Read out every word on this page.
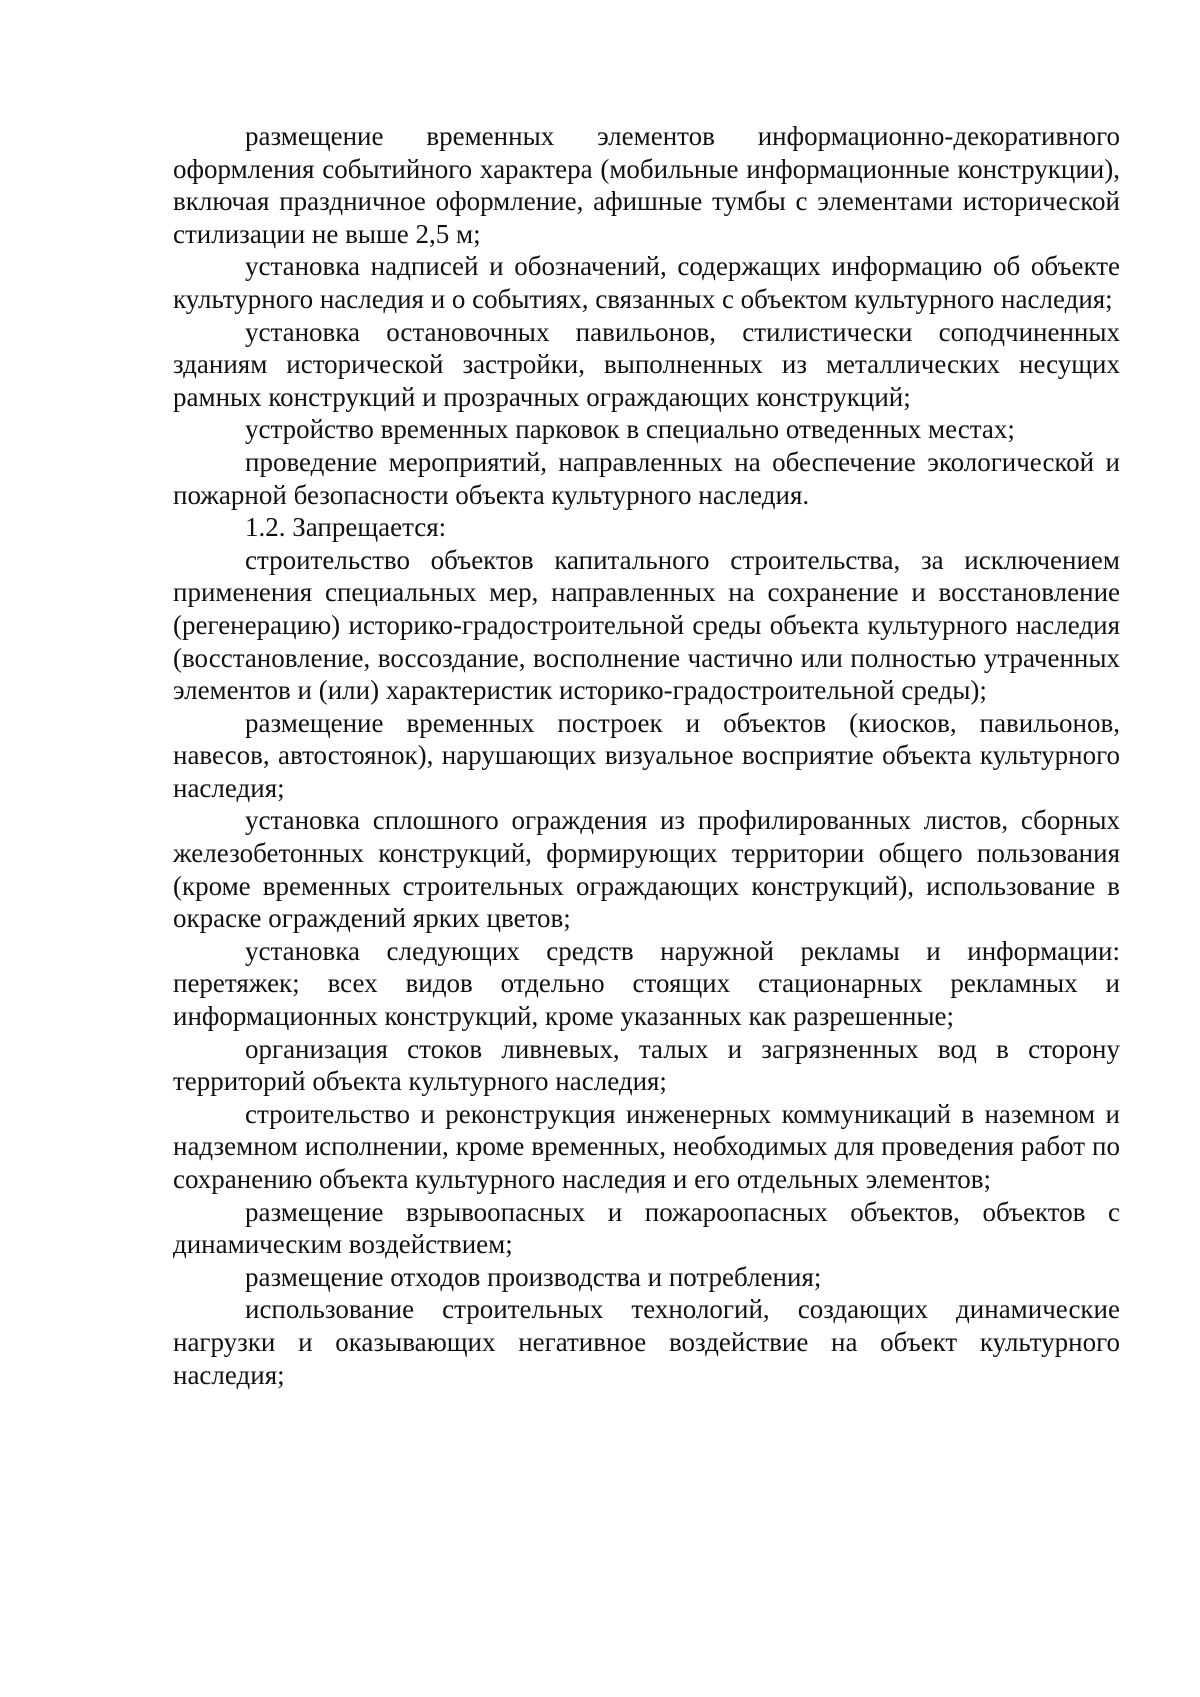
размещение временных элементов информационно-декоративного оформления событийного характера (мобильные информационные конструкции), включая праздничное оформление, афишные тумбы с элементами исторической стилизации не выше 2,5 м;

установка надписей и обозначений, содержащих информацию об объекте культурного наследия и о событиях, связанных с объектом культурного наследия;

установка остановочных павильонов, стилистически соподчиненных зданиям исторической застройки, выполненных из металлических несущих рамных конструкций и прозрачных ограждающих конструкций;

устройство временных парковок в специально отведенных местах;

проведение мероприятий, направленных на обеспечение экологической и пожарной безопасности объекта культурного наследия.

1.2. Запрещается:

строительство объектов капитального строительства, за исключением применения специальных мер, направленных на сохранение и восстановление (регенерацию) историко-градостроительной среды объекта культурного наследия (восстановление, воссоздание, восполнение частично или полностью утраченных элементов и (или) характеристик историко-градостроительной среды);

размещение временных построек и объектов (киосков, павильонов, навесов, автостоянок), нарушающих визуальное восприятие объекта культурного наследия;

установка сплошного ограждения из профилированных листов, сборных железобетонных конструкций, формирующих территории общего пользования (кроме временных строительных ограждающих конструкций), использование в окраске ограждений ярких цветов;

установка следующих средств наружной рекламы и информации: перетяжек; всех видов отдельно стоящих стационарных рекламных и информационных конструкций, кроме указанных как разрешенные;

организация стоков ливневых, талых и загрязненных вод в сторону территорий объекта культурного наследия;

строительство и реконструкция инженерных коммуникаций в наземном и надземном исполнении, кроме временных, необходимых для проведения работ по сохранению объекта культурного наследия и его отдельных элементов;

размещение взрывоопасных и пожароопасных объектов, объектов с динамическим воздействием;

размещение отходов производства и потребления;

использование строительных технологий, создающих динамические нагрузки и оказывающих негативное воздействие на объект культурного наследия;
